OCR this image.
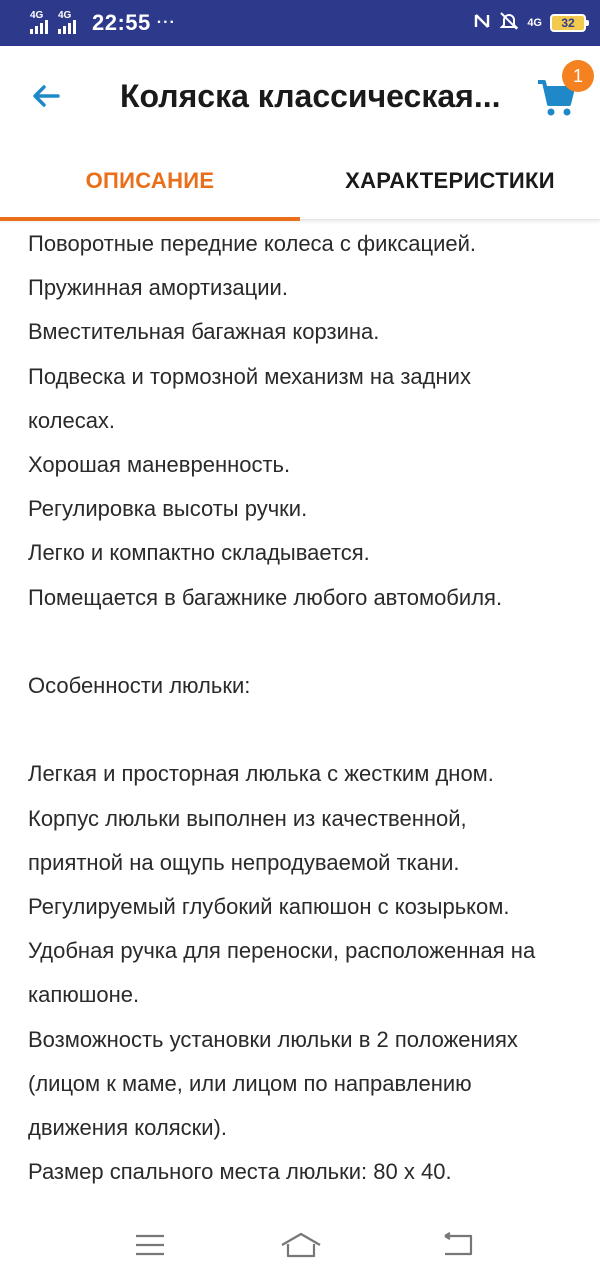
4G 4G 22:55 ···	4G 32
Коляска классическая...
1
ОПИСАНИЕ	ХАРАКТЕРИСТИКИ
Поворотные передние колеса с фиксацией.
Пружинная амортизации.
Вместительная багажная корзина.
Подвеска и тормозной механизм на задних
колесах.
Хорошая маневренность.
Регулировка высоты ручки.
Легко и компактно складывается.
Помещается в багажнике любого автомобиля.
Особенности люльки:
Легкая и просторная люлька с жестким дном.
Корпус люльки выполнен из качественной,
приятной на ощупь непродуваемой ткани.
Регулируемый глубокий капюшон с козырьком.
Удобная ручка для переноски, расположенная на
капюшоне.
Возможность установки люльки в 2 положениях
(лицом к маме, или лицом по направлению
движения коляски).
Размер спального места люльки: 80 х 40.
